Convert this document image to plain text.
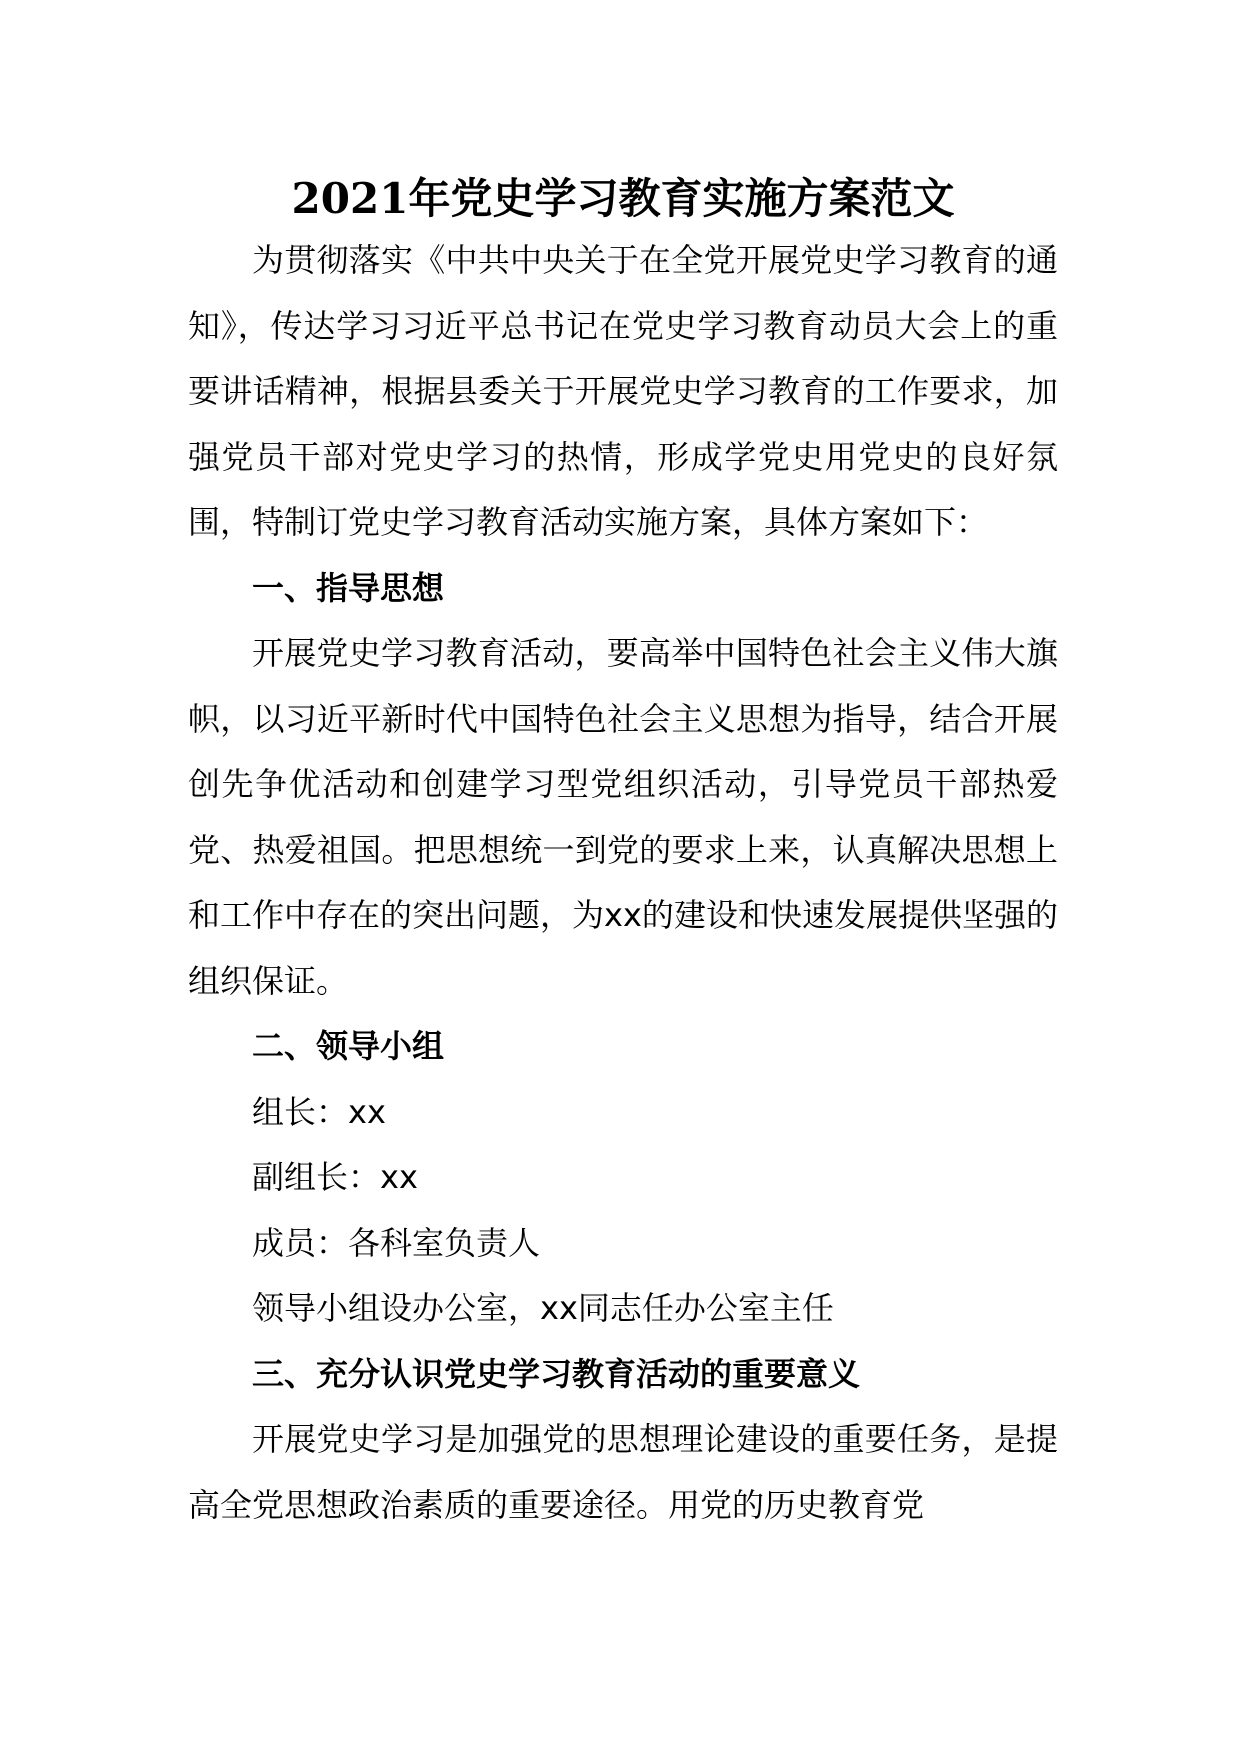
2021年党史学习教育实施方案范文

为贯彻落实《中共中央关于在全党开展党史学习教育的通知》，传达学习习近平总书记在党史学习教育动员大会上的重要讲话精神，根据县委关于开展党史学习教育的工作要求，加强党员干部对党史学习的热情，形成学党史用党史的良好氛围，特制订党史学习教育活动实施方案，具体方案如下：

一、指导思想

开展党史学习教育活动，要高举中国特色社会主义伟大旗帜，以习近平新时代中国特色社会主义思想为指导，结合开展创先争优活动和创建学习型党组织活动，引导党员干部热爱党、热爱祖国。把思想统一到党的要求上来，认真解决思想上和工作中存在的突出问题，为xx的建设和快速发展提供坚强的组织保证。

二、领导小组

组长：xx

副组长：xx

成员：各科室负责人

领导小组设办公室，xx同志任办公室主任

三、充分认识党史学习教育活动的重要意义

开展党史学习是加强党的思想理论建设的重要任务，是提高全党思想政治素质的重要途径。用党的历史教育党
